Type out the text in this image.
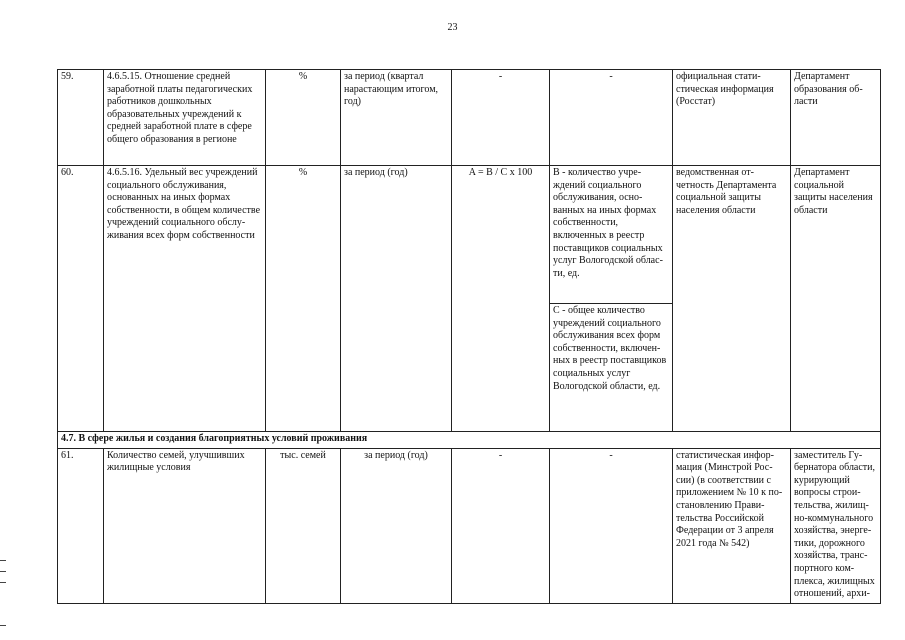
23
59.	4.6.5.15. Отношение средней заработной платы педагогических работников дошкольных образовательных учреждений к средней заработной плате в сфере общего образования в регионе	%	за период (квартал нарастающим итогом, год)	-	-	официальная статистическая информация (Росстат)	Департамент образования области
60.	4.6.5.16. Удельный вес учреждений социального обслуживания, основанных на иных формах собственности, в общем количестве учреждений социального обслуживания всех форм собственности	%	за период (год)	A = B / C x 100	B - количество учреждений социального обслуживания, основанных на иных формах собственности, включенных в реестр поставщиков социальных услуг Вологодской области, ед.	ведомственная отчетность Департамента социальной защиты населения области	Департамент социальной защиты населения области
					C - общее количество учреждений социального обслуживания всех форм собственности, включенных в реестр поставщиков социальных услуг Вологодской области, ед.		
4.7. В сфере жилья и создания благоприятных условий проживания							
61.	Количество семей, улучшивших жилищные условия	тыс. семей	за период (год)	-	-	статистическая информация (Минстрой России) (в соответствии с приложением № 10 к постановлению Правительства Российской Федерации от 3 апреля 2021 года № 542)	заместитель Губернатора области, курирующий вопросы строительства, жилищно-коммунального хозяйства, энергетики, дорожного хозяйства, транспортного комплекса, жилищных отношений, архи-
